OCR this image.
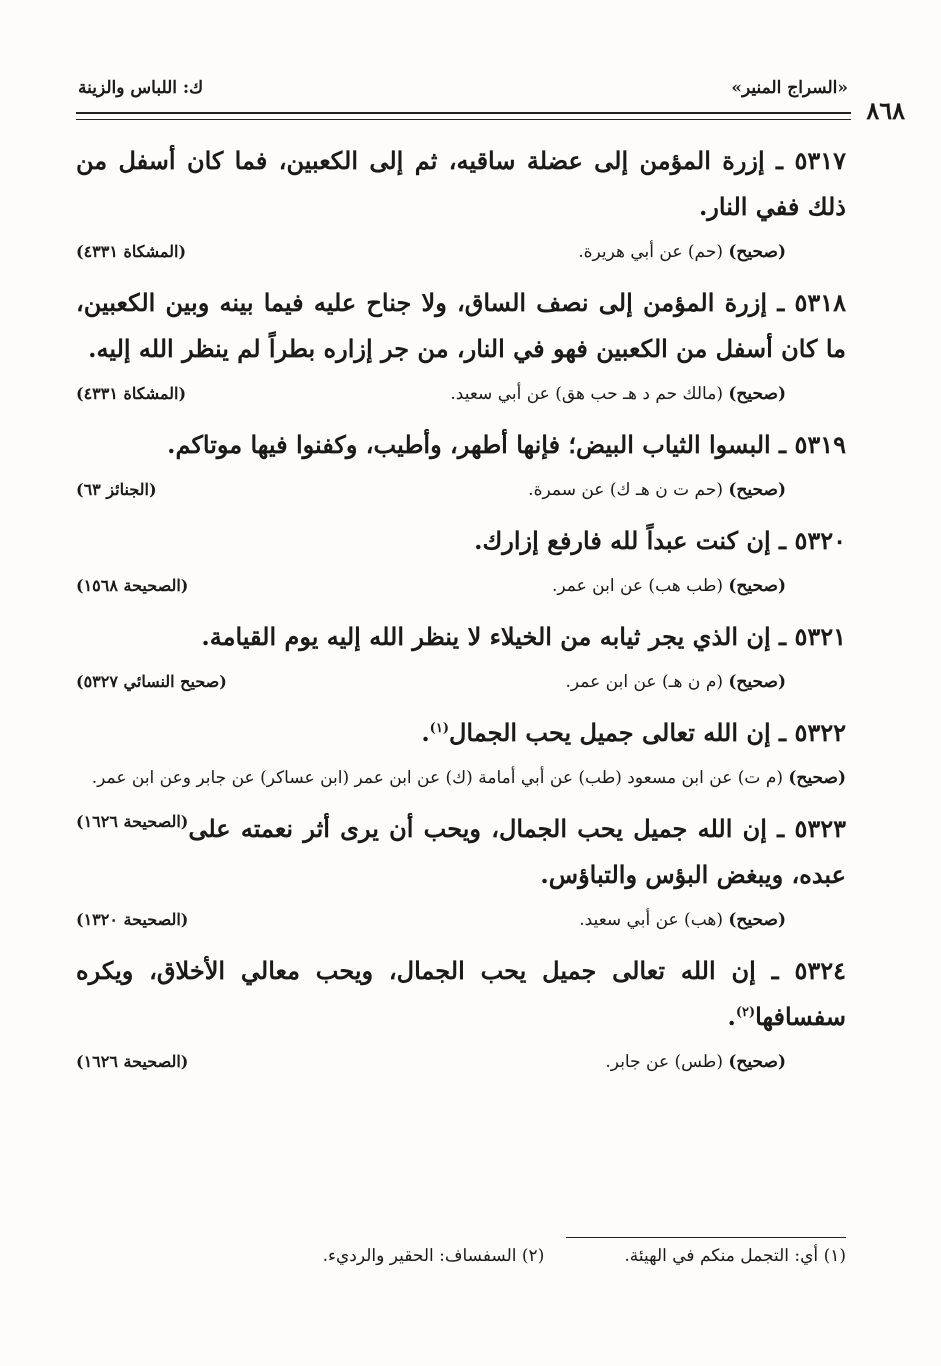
«السراج المنير»
ك: اللباس والزينة
٨٦٨
٥٣١٧ ـ إزرة المؤمن إلى عضلة ساقيه، ثم إلى الكعبين، فما كان أسفل من ذلك ففي النار.
(صحيح) (حم) عن أبي هريرة.
(المشكاة ٤٣٣١)
٥٣١٨ ـ إزرة المؤمن إلى نصف الساق، ولا جناح عليه فيما بينه وبين الكعبين، ما كان أسفل من الكعبين فهو في النار، من جر إزاره بطراً لم ينظر الله إليه.
(صحيح) (مالك حم د هـ حب هق) عن أبي سعيد.
(المشكاة ٤٣٣١)
٥٣١٩ ـ البسوا الثياب البيض؛ فإنها أطهر، وأطيب، وكفنوا فيها موتاكم.
(صحيح) (حم ت ن هـ ك) عن سمرة.
(الجنائز ٦٣)
٥٣٢٠ ـ إن كنت عبداً لله فارفع إزارك.
(صحيح) (طب هب) عن ابن عمر.
(الصحيحة ١٥٦٨)
٥٣٢١ ـ إن الذي يجر ثيابه من الخيلاء لا ينظر الله إليه يوم القيامة.
(صحيح) (م ن هـ) عن ابن عمر.
(صحيح النسائي ٥٣٢٧)
٥٣٢٢ ـ إن الله تعالى جميل يحب الجمال$^{(١)}$.
(صحيح) (م ت) عن ابن مسعود (طب) عن أبي أمامة (ك) عن ابن عمر (ابن عساكر) عن جابر وعن ابن عمر.
(الصحيحة ١٦٢٦)	٥٣٢٣ ـ إن الله جميل يحب الجمال، ويحب أن يرى أثر نعمته على عبده، ويبغض البؤس والتباؤس.
(صحيح) (هب) عن أبي سعيد.
(الصحيحة ١٣٢٠)
٥٣٢٤ ـ إن الله تعالى جميل يحب الجمال، ويحب معالي الأخلاق، ويكره سفسافها$^{(٢)}$.
(صحيح) (طس) عن جابر.
(الصحيحة ١٦٢٦)
(١) أي: التجمل منكم في الهيئة.
(٢) السفساف: الحقير والرديء.
